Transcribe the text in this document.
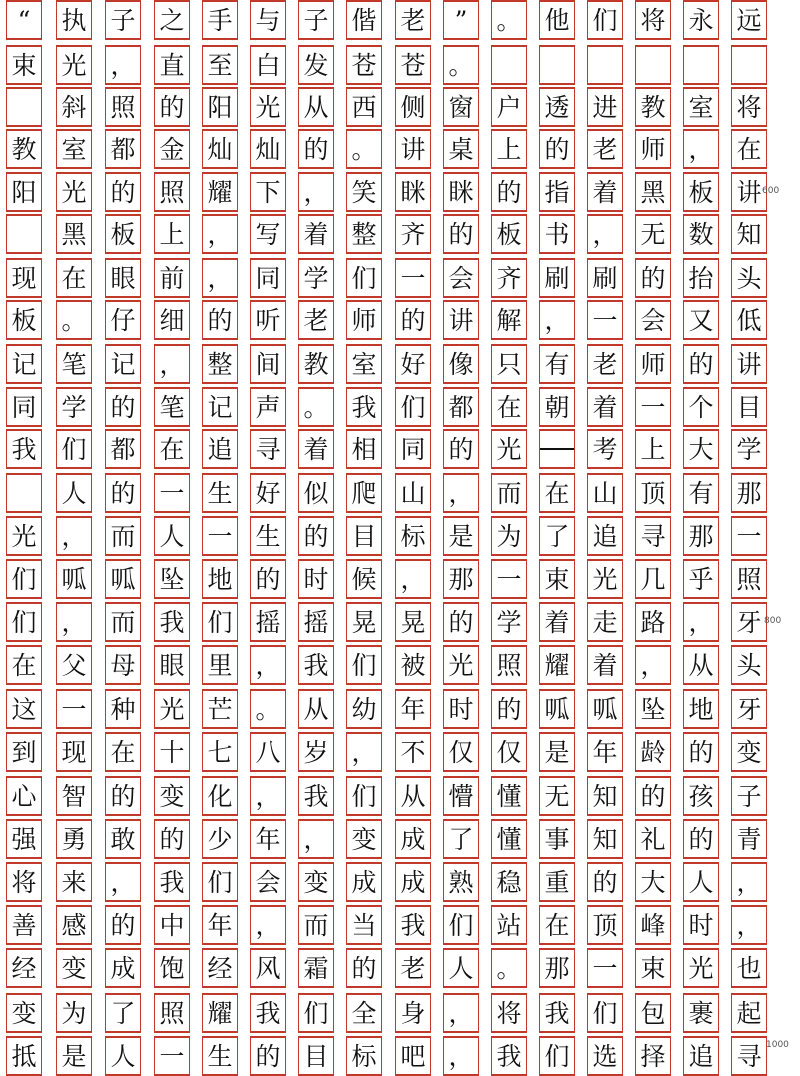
“ 执 子 之 手 与 子 偕 老 ” 。 他 们 将 永 远
束 光 ， 直 至 白 发 苍 苍 。
斜 照 的 阳 光 从 西 侧 窗 户 透 进 教 室 将
教 室 都 金 灿 灿 的 。 讲 桌 上 的 老 师 ， 在
阳 光 的 照 耀 下 ， 笑 眯 眯 的 指 着 黑 板 讲
黑 板 上 ， 写 着 整 齐 的 板 书 ， 无 数 知
现 在 眼 前 ， 同 学 们 一 会 齐 刷 刷 的 抬 头
板 。 仔 细 的 听 老 师 的 讲 解 ， 一 会 又 低
记 笔 记 ， 整 间 教 室 好 像 只 有 老 师 的 讲
同 学 的 笔 记 声 。 我 们 都 在 朝 着 一 个 目
我 们 都 在 追 寻 着 相 同 的 光	考 上 大 学
人 的 一 生 好 似 爬 山 ， 而 在 山 顶 有 那
光 ， 而 人 一 生 的 目 标 是 为 了 追 寻 那 一
们 呱 呱 坠 地 的 时 候 ， 那 一 束 光 几 乎 照
们 ， 而 我 们 摇 摇 晃 晃 的 学 着 走 路 ， 牙
在 父 母 眼 里 ， 我 们 被 光 照 耀 着 ， 从 头
这 一 种 光 芒 。 从 幼 年 时 的 呱 呱 坠 地 牙
到 现 在 十 七 八 岁 ， 不 仅 仅 是 年 龄 的 变
心 智 的 变 化 ， 我 们 从 懵 懂 无 知 的 孩 子
强 勇 敢 的 少 年 ， 变 成 了 懂 事 知 礼 的 青
将 来 ， 我 们 会 变 成 成 熟 稳 重 的 大 人 ，
善 感 的 中 年 ， 而 当 我 们 站 在 顶 峰 时 ，
经 变 成 饱 经 风 霜 的 老 人 。 那 一 束 光 也
变 为 了 照 耀 我 们 全 身 ， 将 我 们 包 裹 起
抵 是 人 一 生 的 目 标 吧 ， 我 们 选 择 追 寻
600
800
1000
